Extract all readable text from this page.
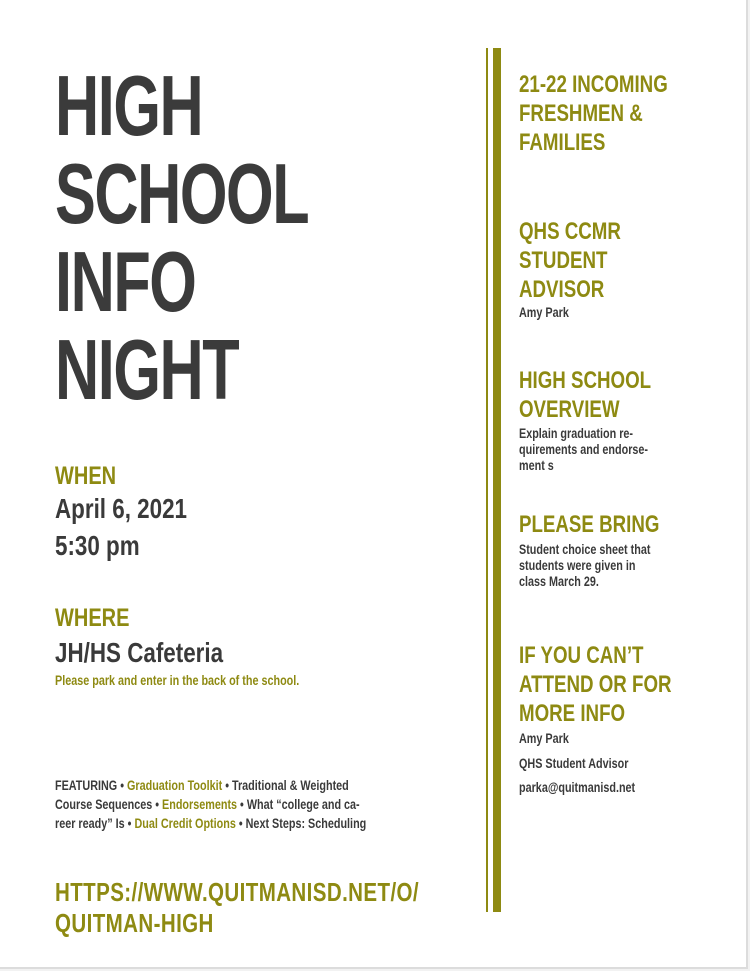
HIGH
SCHOOL
INFO
NIGHT
WHEN
April 6, 2021
5:30 pm
WHERE
JH/HS Cafeteria
Please park and enter in the back of the school.
FEATURING • Graduation Toolkit • Traditional & Weighted
Course Sequences • Endorsements • What “college and ca-
reer ready” Is • Dual Credit Options • Next Steps: Scheduling
HTTPS://WWW.QUITMANISD.NET/O/
QUITMAN-HIGH
21-22 INCOMING
FRESHMEN &
FAMILIES
QHS CCMR
STUDENT
ADVISOR
Amy Park
HIGH SCHOOL
OVERVIEW
Explain graduation re-
quirements and endorse-
ment s
PLEASE BRING
Student choice sheet that
students were given in
class March 29.
IF YOU CAN’T
ATTEND OR FOR
MORE INFO
Amy Park
QHS Student Advisor
parka@quitmanisd.net
